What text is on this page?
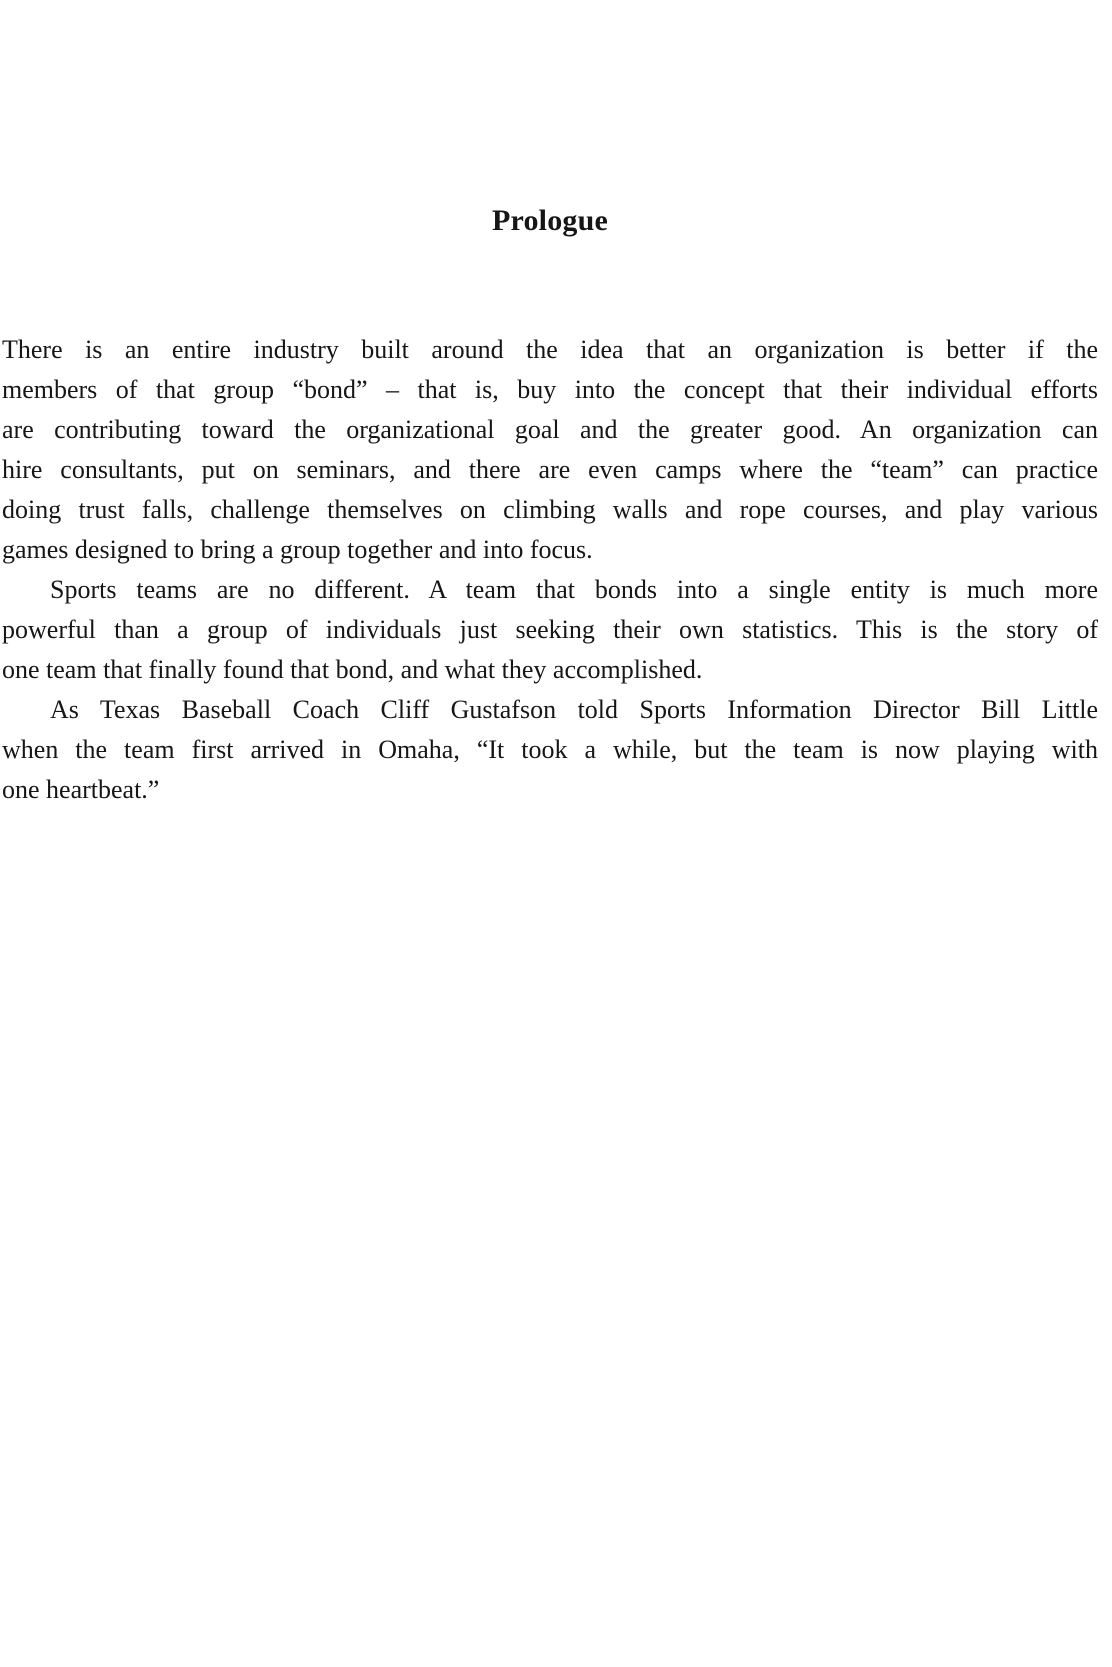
Prologue
There is an entire industry built around the idea that an organization is better if the
members of that group “bond” – that is, buy into the concept that their individual efforts
are contributing toward the organizational goal and the greater good. An organization can
hire consultants, put on seminars, and there are even camps where the “team” can practice
doing trust falls, challenge themselves on climbing walls and rope courses, and play various
games designed to bring a group together and into focus.
Sports teams are no different. A team that bonds into a single entity is much more
powerful than a group of individuals just seeking their own statistics. This is the story of
one team that finally found that bond, and what they accomplished.
As Texas Baseball Coach Cliff Gustafson told Sports Information Director Bill Little
when the team first arrived in Omaha, “It took a while, but the team is now playing with
one heartbeat.”
